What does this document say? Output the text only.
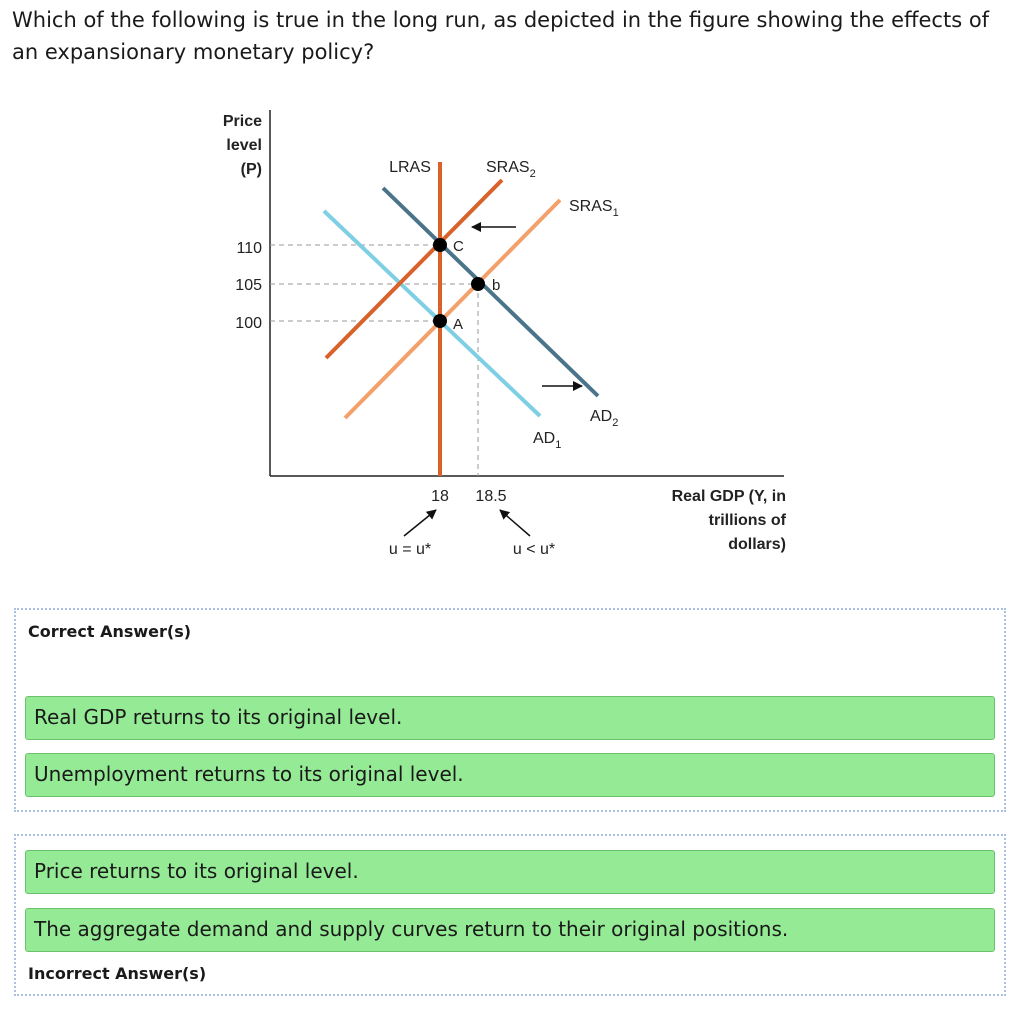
Which of the following is true in the long run, as depicted in the figure showing the effects of an expansionary monetary policy?

Price
level
(P)
110
105
100
C
b
A
LRAS	$SRAS_2$
$SRAS_1$
$AD_2$
$AD_1$
18 18.5
u = u*	u < u*
Real GDP (Y, in
trillions of
dollars)
Correct Answer(s)
Real GDP returns to its original level.
Unemployment returns to its original level.
Price returns to its original level.
The aggregate demand and supply curves return to their original positions.
Incorrect Answer(s)
